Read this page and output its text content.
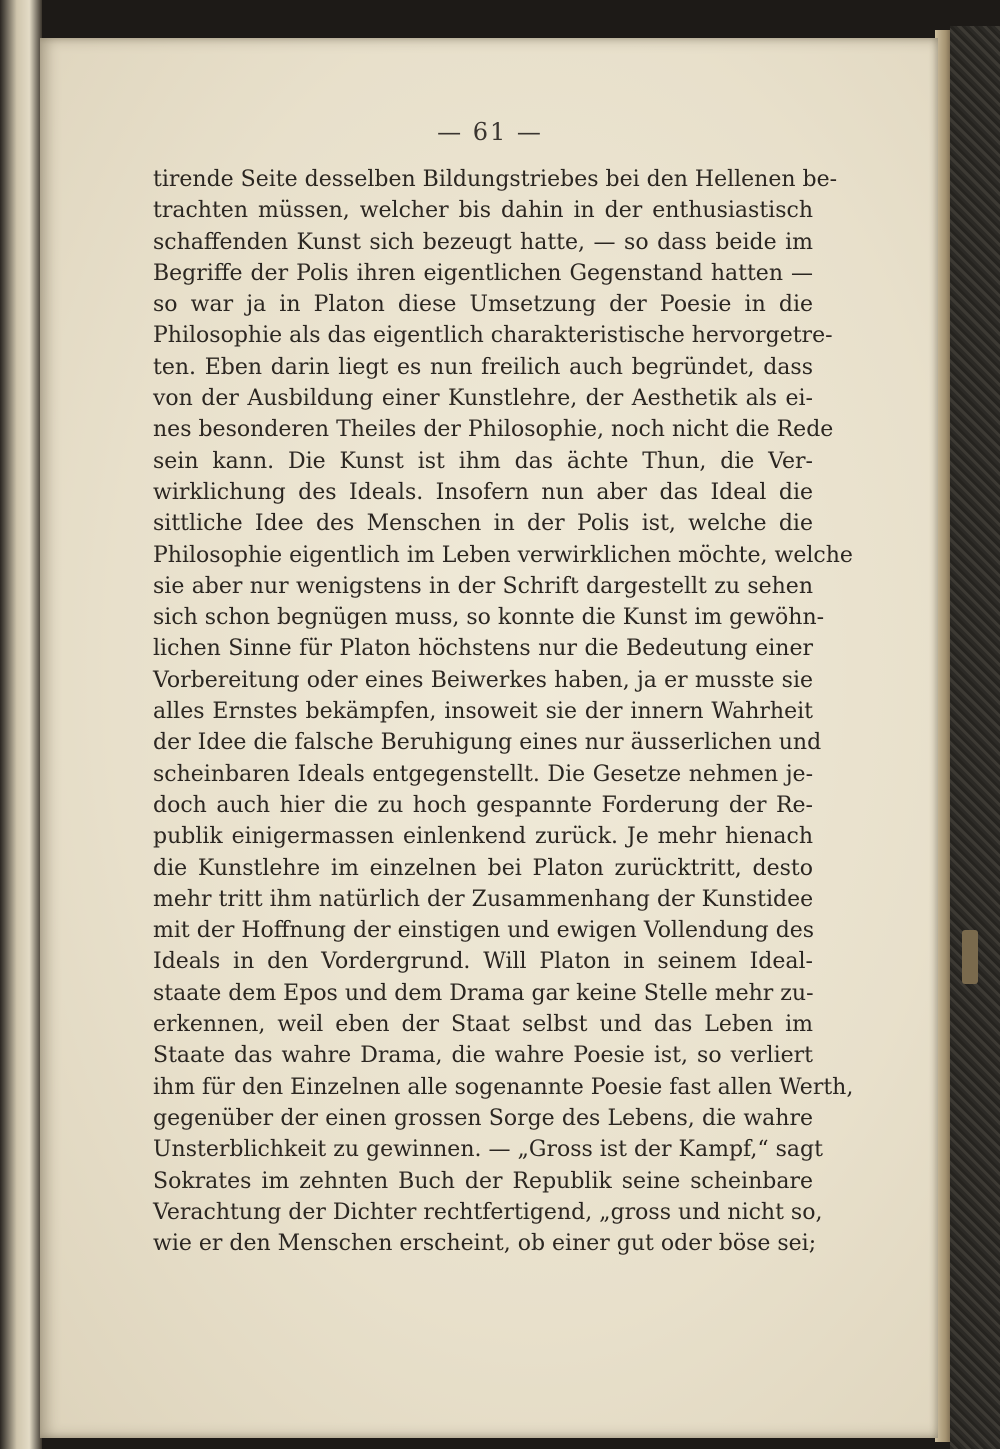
— 61 —
tirende Seite desselben Bildungstriebes bei den Hellenen be-
trachten müssen, welcher bis dahin in der enthusiastisch
schaffenden Kunst sich bezeugt hatte, — so dass beide im
Begriffe der Polis ihren eigentlichen Gegenstand hatten —
so war ja in Platon diese Umsetzung der Poesie in die
Philosophie als das eigentlich charakteristische hervorgetre-
ten. Eben darin liegt es nun freilich auch begründet, dass
von der Ausbildung einer Kunstlehre, der Aesthetik als ei-
nes besonderen Theiles der Philosophie, noch nicht die Rede
sein kann. Die Kunst ist ihm das ächte Thun, die Ver-
wirklichung des Ideals. Insofern nun aber das Ideal die
sittliche Idee des Menschen in der Polis ist, welche die
Philosophie eigentlich im Leben verwirklichen möchte, welche
sie aber nur wenigstens in der Schrift dargestellt zu sehen
sich schon begnügen muss, so konnte die Kunst im gewöhn-
lichen Sinne für Platon höchstens nur die Bedeutung einer
Vorbereitung oder eines Beiwerkes haben, ja er musste sie
alles Ernstes bekämpfen, insoweit sie der innern Wahrheit
der Idee die falsche Beruhigung eines nur äusserlichen und
scheinbaren Ideals entgegenstellt. Die Gesetze nehmen je-
doch auch hier die zu hoch gespannte Forderung der Re-
publik einigermassen einlenkend zurück. Je mehr hienach
die Kunstlehre im einzelnen bei Platon zurücktritt, desto
mehr tritt ihm natürlich der Zusammenhang der Kunstidee
mit der Hoffnung der einstigen und ewigen Vollendung des
Ideals in den Vordergrund. Will Platon in seinem Ideal-
staate dem Epos und dem Drama gar keine Stelle mehr zu-
erkennen, weil eben der Staat selbst und das Leben im
Staate das wahre Drama, die wahre Poesie ist, so verliert
ihm für den Einzelnen alle sogenannte Poesie fast allen Werth,
gegenüber der einen grossen Sorge des Lebens, die wahre
Unsterblichkeit zu gewinnen. — „Gross ist der Kampf,“ sagt
Sokrates im zehnten Buch der Republik seine scheinbare
Verachtung der Dichter rechtfertigend, „gross und nicht so,
wie er den Menschen erscheint, ob einer gut oder böse sei;
